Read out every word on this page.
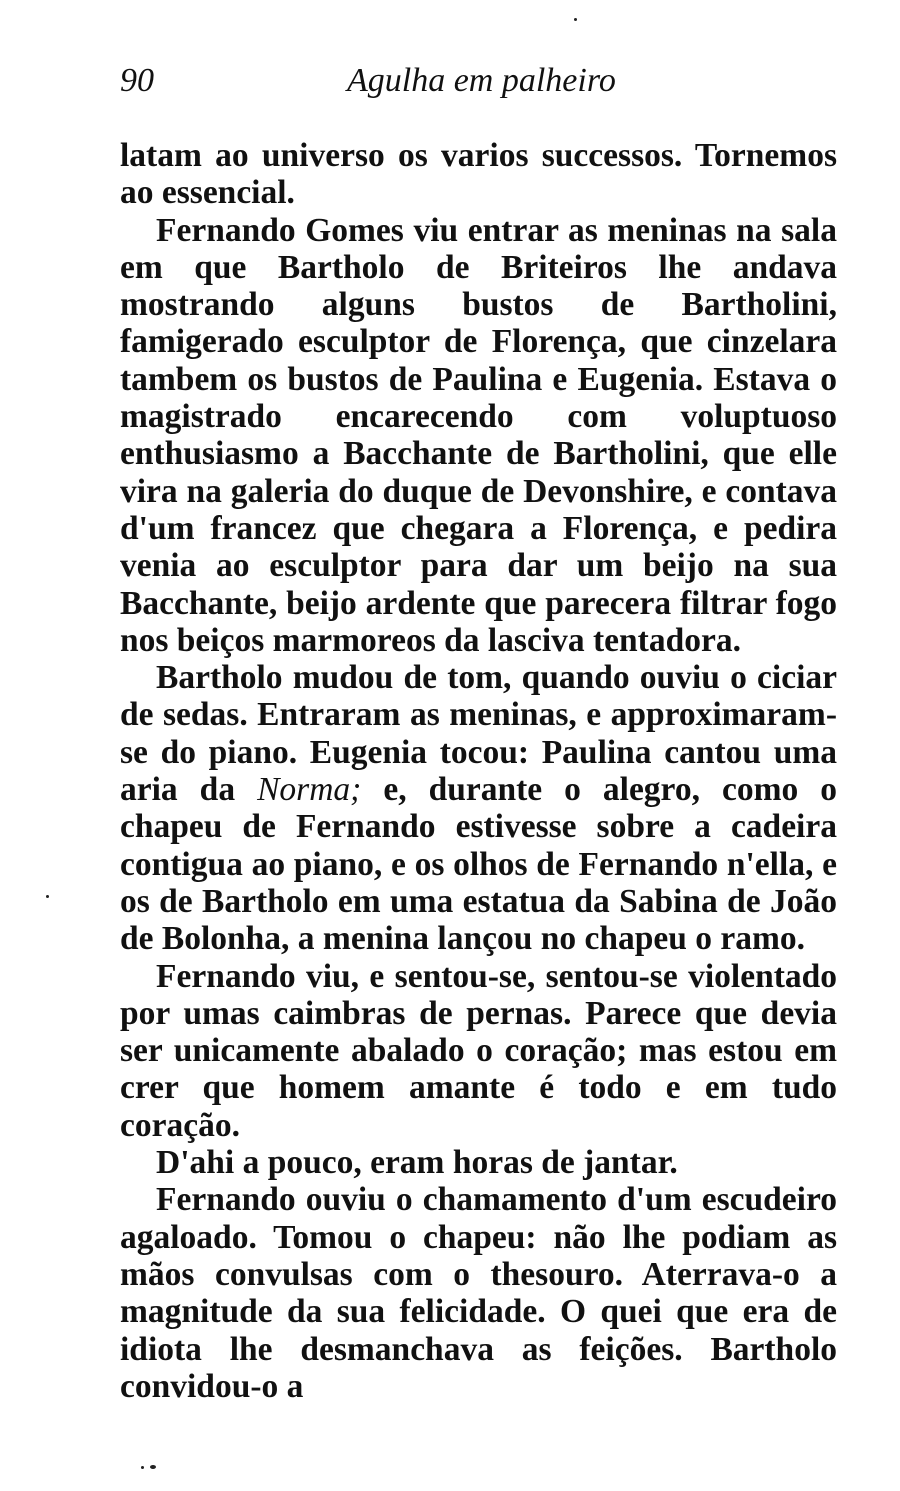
90	Agulha em palheiro

latam ao universo os varios successos. Tornemos ao essencial.

Fernando Gomes viu entrar as meninas na sala em que Bartholo de Briteiros lhe andava mostrando alguns bustos de Bartholini, famigerado esculptor de Florença, que cinzelara tambem os bustos de Paulina e Eugenia. Estava o magistrado encarecendo com voluptuoso enthusiasmo a Bacchante de Bartholini, que elle vira na galeria do duque de Devonshire, e contava d'um francez que chegara a Florença, e pedira venia ao esculptor para dar um beijo na sua Bacchante, beijo ardente que parecera filtrar fogo nos beiços marmoreos da lasciva tentadora.

Bartholo mudou de tom, quando ouviu o ciciar de sedas. Entraram as meninas, e approximaram-se do piano. Eugenia tocou: Paulina cantou uma aria da Norma; e, durante o alegro, como o chapeu de Fernando estivesse sobre a cadeira contigua ao piano, e os olhos de Fernando n'ella, e os de Bartholo em uma estatua da Sabina de João de Bolonha, a menina lançou no chapeu o ramo.

Fernando viu, e sentou-se, sentou-se violentado por umas caimbras de pernas. Parece que devia ser unicamente abalado o coração; mas estou em crer que homem amante é todo e em tudo coração.

D'ahi a pouco, eram horas de jantar.

Fernando ouviu o chamamento d'um escudeiro agaloado. Tomou o chapeu: não lhe podiam as mãos convulsas com o thesouro. Aterrava-o a magnitude da sua felicidade. O quei que era de idiota lhe desmanchava as feições. Bartholo convidou-o a
